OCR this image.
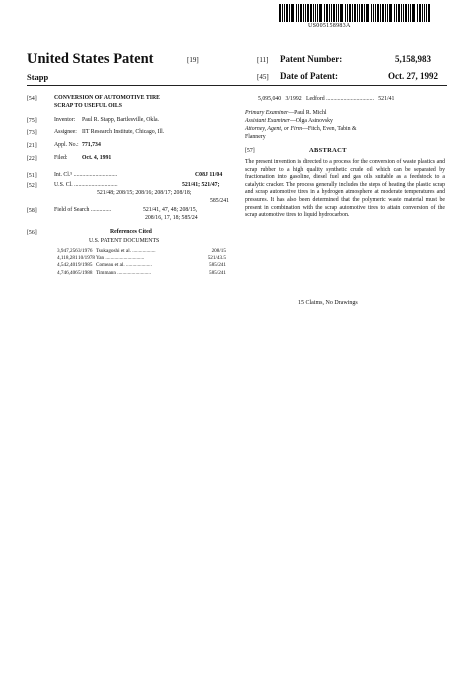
US005158983A
United States Patent	[19]
Stapp
[11] Patent Number:	5,158,983
[45] Date of Patent:	Oct. 27, 1992
[54]	CONVERSION OF AUTOMOTIVE TIRE
SCRAP TO USEFUL OILS
[75]	Inventor: Paul R. Stapp, Bartlesville, Okla.
[73]	Assignee: IIT Research Institute, Chicago, Ill.
[21]	Appl. No.: 771,734
[22]	Filed: Oct. 4, 1991
[51]	Int. Cl.⁵ ..............................	C08J 11/04
[52]	U.S. Cl. ..............................	521/41; 521/47;
521/48; 208/15; 208/16; 208/17; 208/18;
585/241
[58]	Field of Search ..............	521/41, 47, 48; 208/15,
208/16, 17, 18; 585/24
[56]	References Cited
U.S. PATENT DOCUMENTS
3,947,256 3/1976 Tsukagoshi et al. ..................	208/15
4,118,281 10/1978 Yan ..............................	521/43.5
4,542,401 9/1985 Comeau et al. ....................	585/241
4,746,406 5/1988 Timmann ..........................	585/241
5,095,040   3/1992   Ledford .................................   521/41
Primary Examiner—Paul R. Michl
Assistant Examiner—Olga Asinovsky
Attorney, Agent, or Firm—Fitch, Even, Tabin &
Flannery
[57]	ABSTRACT
The present invention is directed to a process for the conversion of waste plastics and scrap rubber to a high quality synthetic crude oil which can be separated by fractionation into gasoline, diesel fuel and gas oils suitable as a feedstock to a catalytic cracker. The process generally includes the steps of heating the plastic scrap and scrap automotive tires in a hydrogen atmosphere at moderate temperatures and pressures. It has also been determined that the polymeric waste material must be present in combination with the scrap automotive tires to attain conversion of the scrap automotive tires to liquid hydrocarbon.
15 Claims, No Drawings
